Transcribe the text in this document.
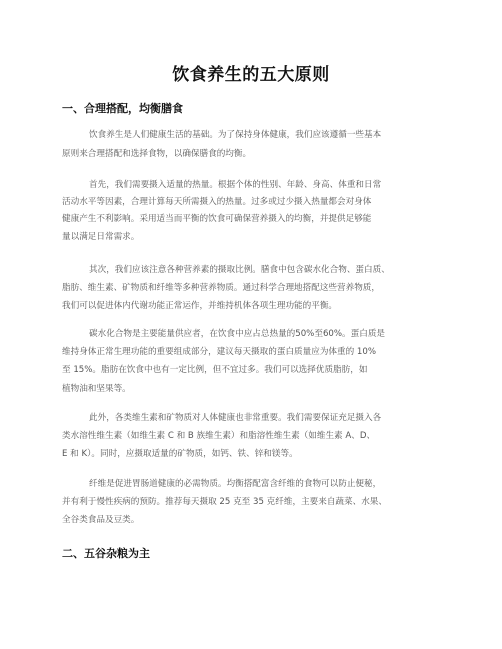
饮食养生的五大原则
一、合理搭配，均衡膳食
饮食养生是人们健康生活的基础。为了保持身体健康，我们应该遵循一些基本
原则来合理搭配和选择食物，以确保膳食的均衡。
首先，我们需要摄入适量的热量。根据个体的性别、年龄、身高、体重和日常
活动水平等因素，合理计算每天所需摄入的热量。过多或过少摄入热量都会对身体
健康产生不利影响。采用适当而平衡的饮食可确保营养摄入的均衡，并提供足够能
量以满足日常需求。
其次，我们应该注意各种营养素的摄取比例。膳食中包含碳水化合物、蛋白质、
脂肪、维生素、矿物质和纤维等多种营养物质。通过科学合理地搭配这些营养物质，
我们可以促进体内代谢功能正常运作，并维持机体各项生理功能的平衡。
碳水化合物是主要能量供应者，在饮食中应占总热量的50%至60%。蛋白质是
维持身体正常生理功能的重要组成部分，建议每天摄取的蛋白质量应为体重的 10%
至 15%。脂肪在饮食中也有一定比例，但不宜过多。我们可以选择优质脂肪，如
植物油和坚果等。
此外，各类维生素和矿物质对人体健康也非常重要。我们需要保证充足摄入各
类水溶性维生素（如维生素 C 和 B 族维生素）和脂溶性维生素（如维生素 A、D、
E 和 K）。同时，应摄取适量的矿物质，如钙、铁、锌和镁等。
纤维是促进胃肠道健康的必需物质。均衡搭配富含纤维的食物可以防止便秘，
并有利于慢性疾病的预防。推荐每天摄取 25 克至 35 克纤维，主要来自蔬菜、水果、
全谷类食品及豆类。
二、五谷杂粮为主
